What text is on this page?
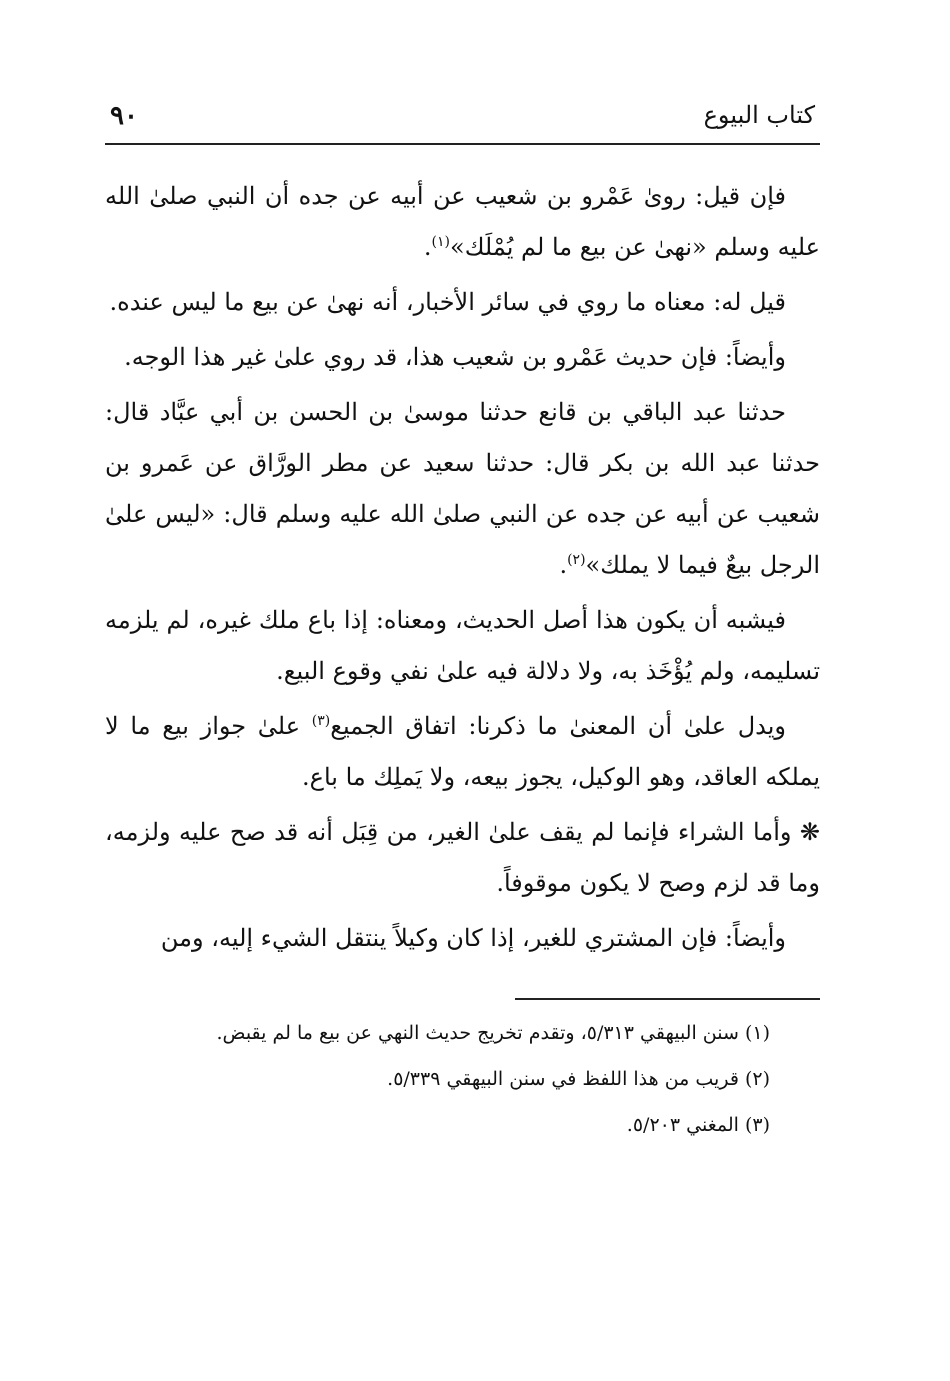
كتاب البيوع
٩٠

فإن قيل: رویٰ عَمْرو بن شعيب عن أبيه عن جده أن النبي صلىٰ الله عليه وسلم «نهىٰ عن بيع ما لم يُمْلَك»$^{(١)}$.

قيل له: معناه ما روي في سائر الأخبار، أنه نهىٰ عن بيع ما ليس عنده.

وأيضاً: فإن حديث عَمْرو بن شعيب هذا، قد روي علىٰ غير هذا الوجه.

حدثنا عبد الباقي بن قانع حدثنا موسىٰ بن الحسن بن أبي عبَّاد قال: حدثنا عبد الله بن بكر قال: حدثنا سعيد عن مطر الورَّاق عن عَمرو بن شعيب عن أبيه عن جده عن النبي صلىٰ الله عليه وسلم قال: «ليس علىٰ الرجل بيعٌ فيما لا يملك»$^{(٢)}$.

فيشبه أن يكون هذا أصل الحديث، ومعناه: إذا باع ملك غيره، لم يلزمه تسليمه، ولم يُؤْخَذ به، ولا دلالة فيه علىٰ نفي وقوع البيع.

ويدل علىٰ أن المعنىٰ ما ذكرنا: اتفاق الجميع$^{(٣)}$ علىٰ جواز بيع ما لا يملكه العاقد، وهو الوكيل، يجوز بيعه، ولا يَملِك ما باع.

❋ وأما الشراء فإنما لم يقف علىٰ الغير، من قِبَل أنه قد صح عليه ولزمه، وما قد لزم وصح لا يكون موقوفاً.

وأيضاً: فإن المشتري للغير، إذا كان وكيلاً ينتقل الشيء إليه، ومن

(١) سنن البيهقي ٥/٣١٣، وتقدم تخريج حديث النهي عن بيع ما لم يقبض.
(٢) قريب من هذا اللفظ في سنن البيهقي ٥/٣٣٩.
(٣) المغني ٥/٢٠٣.
